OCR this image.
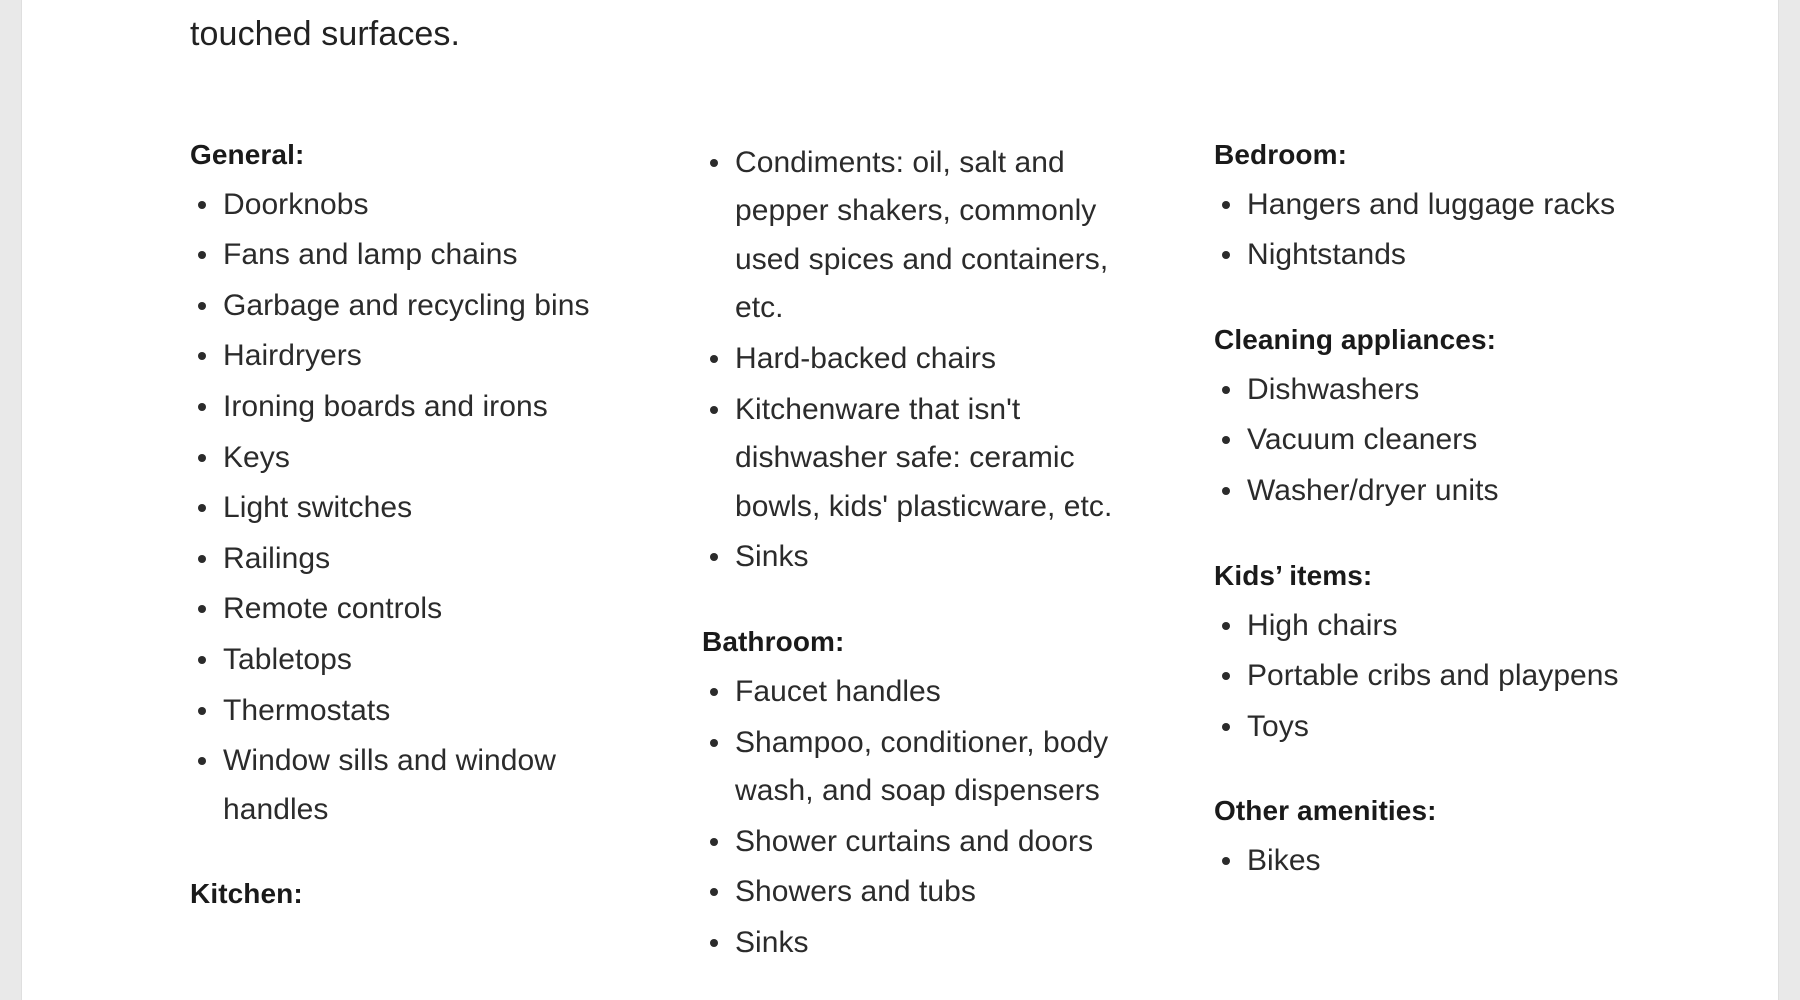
touched surfaces.

General:
Doorknobs
Fans and lamp chains
Garbage and recycling bins
Hairdryers
Ironing boards and irons
Keys
Light switches
Railings
Remote controls
Tabletops
Thermostats
Window sills and window handles
Kitchen:
Condiments: oil, salt and pepper shakers, commonly used spices and containers, etc.
Hard-backed chairs
Kitchenware that isn't dishwasher safe: ceramic bowls, kids' plasticware, etc.
Sinks
Bathroom:
Faucet handles
Shampoo, conditioner, body wash, and soap dispensers
Shower curtains and doors
Showers and tubs
Sinks
Bedroom:
Hangers and luggage racks
Nightstands
Cleaning appliances:
Dishwashers
Vacuum cleaners
Washer/dryer units
Kids’ items:
High chairs
Portable cribs and playpens
Toys
Other amenities:
Bikes
